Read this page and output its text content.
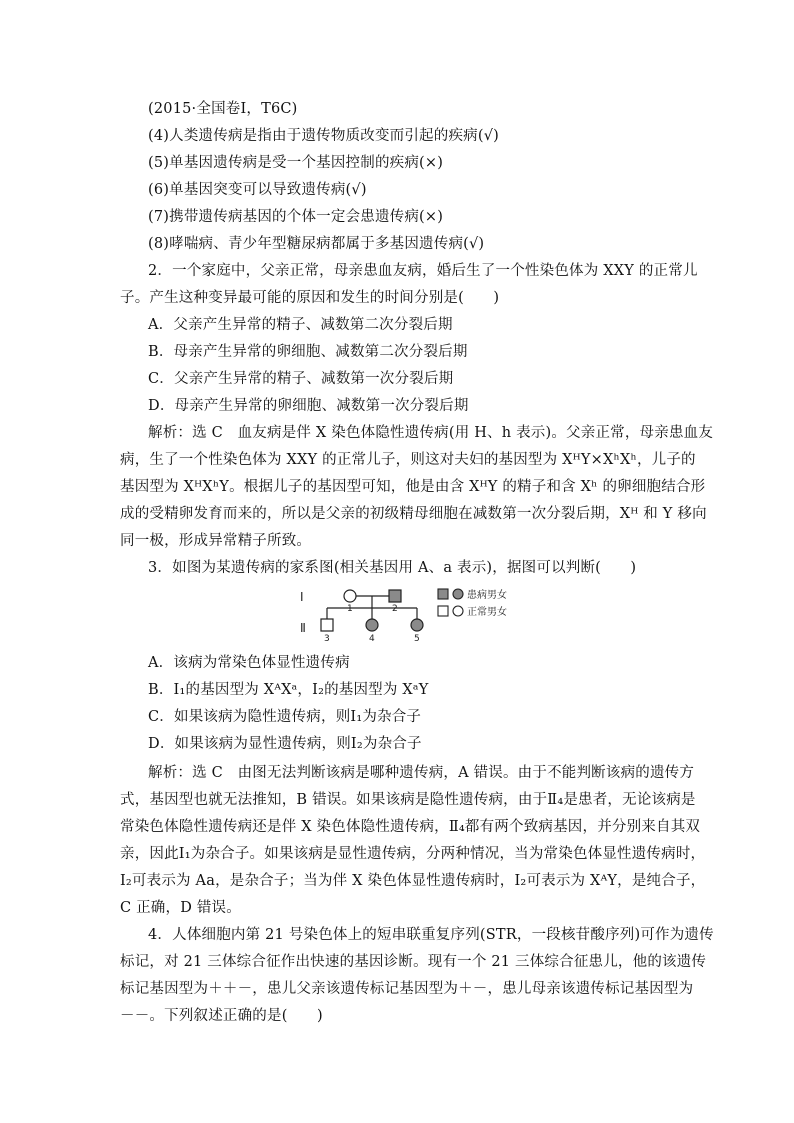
(2015·全国卷Ⅰ，T6C)
(4)人类遗传病是指由于遗传物质改变而引起的疾病(√)
(5)单基因遗传病是受一个基因控制的疾病(×)
(6)单基因突变可以导致遗传病(√)
(7)携带遗传病基因的个体一定会患遗传病(×)
(8)哮喘病、青少年型糖尿病都属于多基因遗传病(√)
2．一个家庭中，父亲正常，母亲患血友病，婚后生了一个性染色体为 XXY 的正常儿
子。产生这种变异最可能的原因和发生的时间分别是(　　)
A．父亲产生异常的精子、减数第二次分裂后期
B．母亲产生异常的卵细胞、减数第二次分裂后期
C．父亲产生异常的精子、减数第一次分裂后期
D．母亲产生异常的卵细胞、减数第一次分裂后期
解析：选 C　血友病是伴 X 染色体隐性遗传病(用 H、h 表示)。父亲正常，母亲患血友
病，生了一个性染色体为 XXY 的正常儿子，则这对夫妇的基因型为 XᴴY×XʰXʰ，儿子的
基因型为 XᴴXʰY。根据儿子的基因型可知，他是由含 XᴴY 的精子和含 Xʰ 的卵细胞结合形
成的受精卵发育而来的，所以是父亲的初级精母细胞在减数第一次分裂后期，Xᴴ 和 Y 移向
同一极，形成异常精子所致。
3．如图为某遗传病的家系图(相关基因用 A、a 表示)，据图可以判断(　　)
Ⅰ
Ⅱ
1	2
3	4	5
患病男女
正常男女
A．该病为常染色体显性遗传病
B．Ⅰ₁的基因型为 XᴬXᵃ，Ⅰ₂的基因型为 XᵃY
C．如果该病为隐性遗传病，则Ⅰ₁为杂合子
D．如果该病为显性遗传病，则Ⅰ₂为杂合子
解析：选 C　由图无法判断该病是哪种遗传病，A 错误。由于不能判断该病的遗传方
式，基因型也就无法推知，B 错误。如果该病是隐性遗传病，由于Ⅱ₄是患者，无论该病是
常染色体隐性遗传病还是伴 X 染色体隐性遗传病，Ⅱ₄都有两个致病基因，并分别来自其双
亲，因此Ⅰ₁为杂合子。如果该病是显性遗传病，分两种情况，当为常染色体显性遗传病时，
Ⅰ₂可表示为 Aa，是杂合子；当为伴 X 染色体显性遗传病时，Ⅰ₂可表示为 XᴬY，是纯合子，
C 正确，D 错误。
4．人体细胞内第 21 号染色体上的短串联重复序列(STR，一段核苷酸序列)可作为遗传
标记，对 21 三体综合征作出快速的基因诊断。现有一个 21 三体综合征患儿，他的该遗传
标记基因型为＋＋－，患儿父亲该遗传标记基因型为＋－，患儿母亲该遗传标记基因型为
－－。下列叙述正确的是(　　)
